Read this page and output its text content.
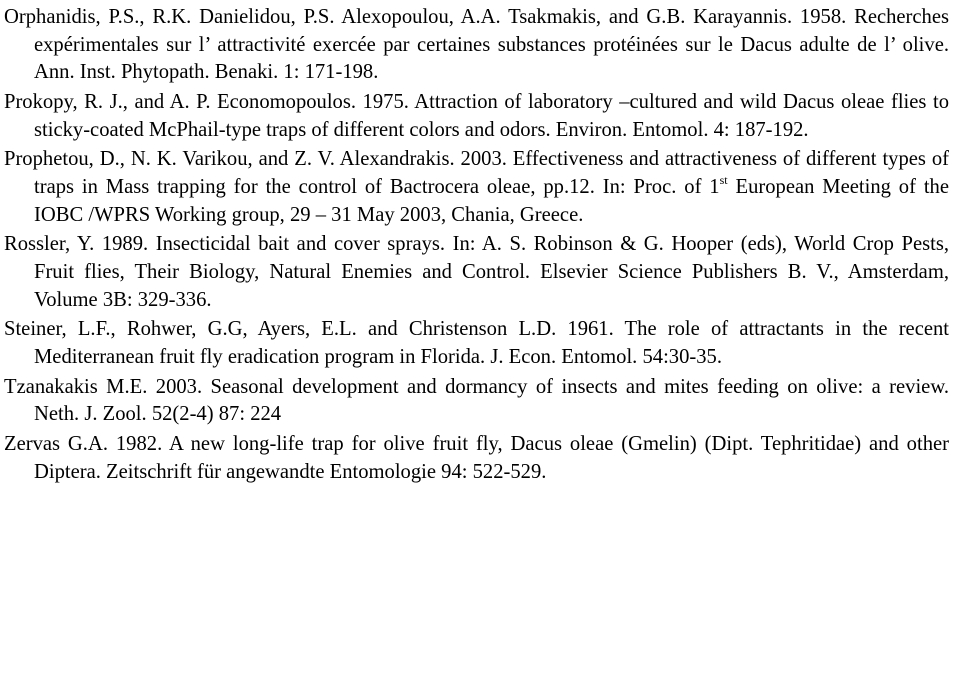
Orphanidis, P.S., R.K. Danielidou, P.S. Alexopoulou, A.A. Tsakmakis, and G.B. Karayannis. 1958. Recherches expérimentales sur l’ attractivité exercée par certaines substances protéinées sur le Dacus adulte de l’ olive. Ann. Inst. Phytopath. Benaki. 1: 171-198.

Prokopy, R. J., and A. P. Economopoulos. 1975. Attraction of laboratory –cultured and wild Dacus oleae flies to sticky-coated McPhail-type traps of different colors and odors. Environ. Entomol. 4: 187-192.

Prophetou, D., N. K. Varikou, and Z. V. Alexandrakis. 2003. Effectiveness and attractiveness of different types of traps in Mass trapping for the control of Bactrocera oleae, pp.12. In: Proc. of 1st European Meeting of the IOBC /WPRS Working group, 29 – 31 May 2003, Chania, Greece.

Rossler, Y. 1989. Insecticidal bait and cover sprays. In: A. S. Robinson & G. Hooper (eds), World Crop Pests, Fruit flies, Their Biology, Natural Enemies and Control. Elsevier Science Publishers B. V., Amsterdam, Volume 3B: 329-336.

Steiner, L.F., Rohwer, G.G, Ayers, E.L. and Christenson L.D. 1961. The role of attractants in the recent Mediterranean fruit fly eradication program in Florida. J. Econ. Entomol. 54:30-35.

Tzanakakis M.E. 2003. Seasonal development and dormancy of insects and mites feeding on olive: a review. Neth. J. Zool. 52(2-4) 87: 224

Zervas G.A. 1982. A new long-life trap for olive fruit fly, Dacus oleae (Gmelin) (Dipt. Tephritidae) and other Diptera. Zeitschrift für angewandte Entomologie 94: 522-529.
